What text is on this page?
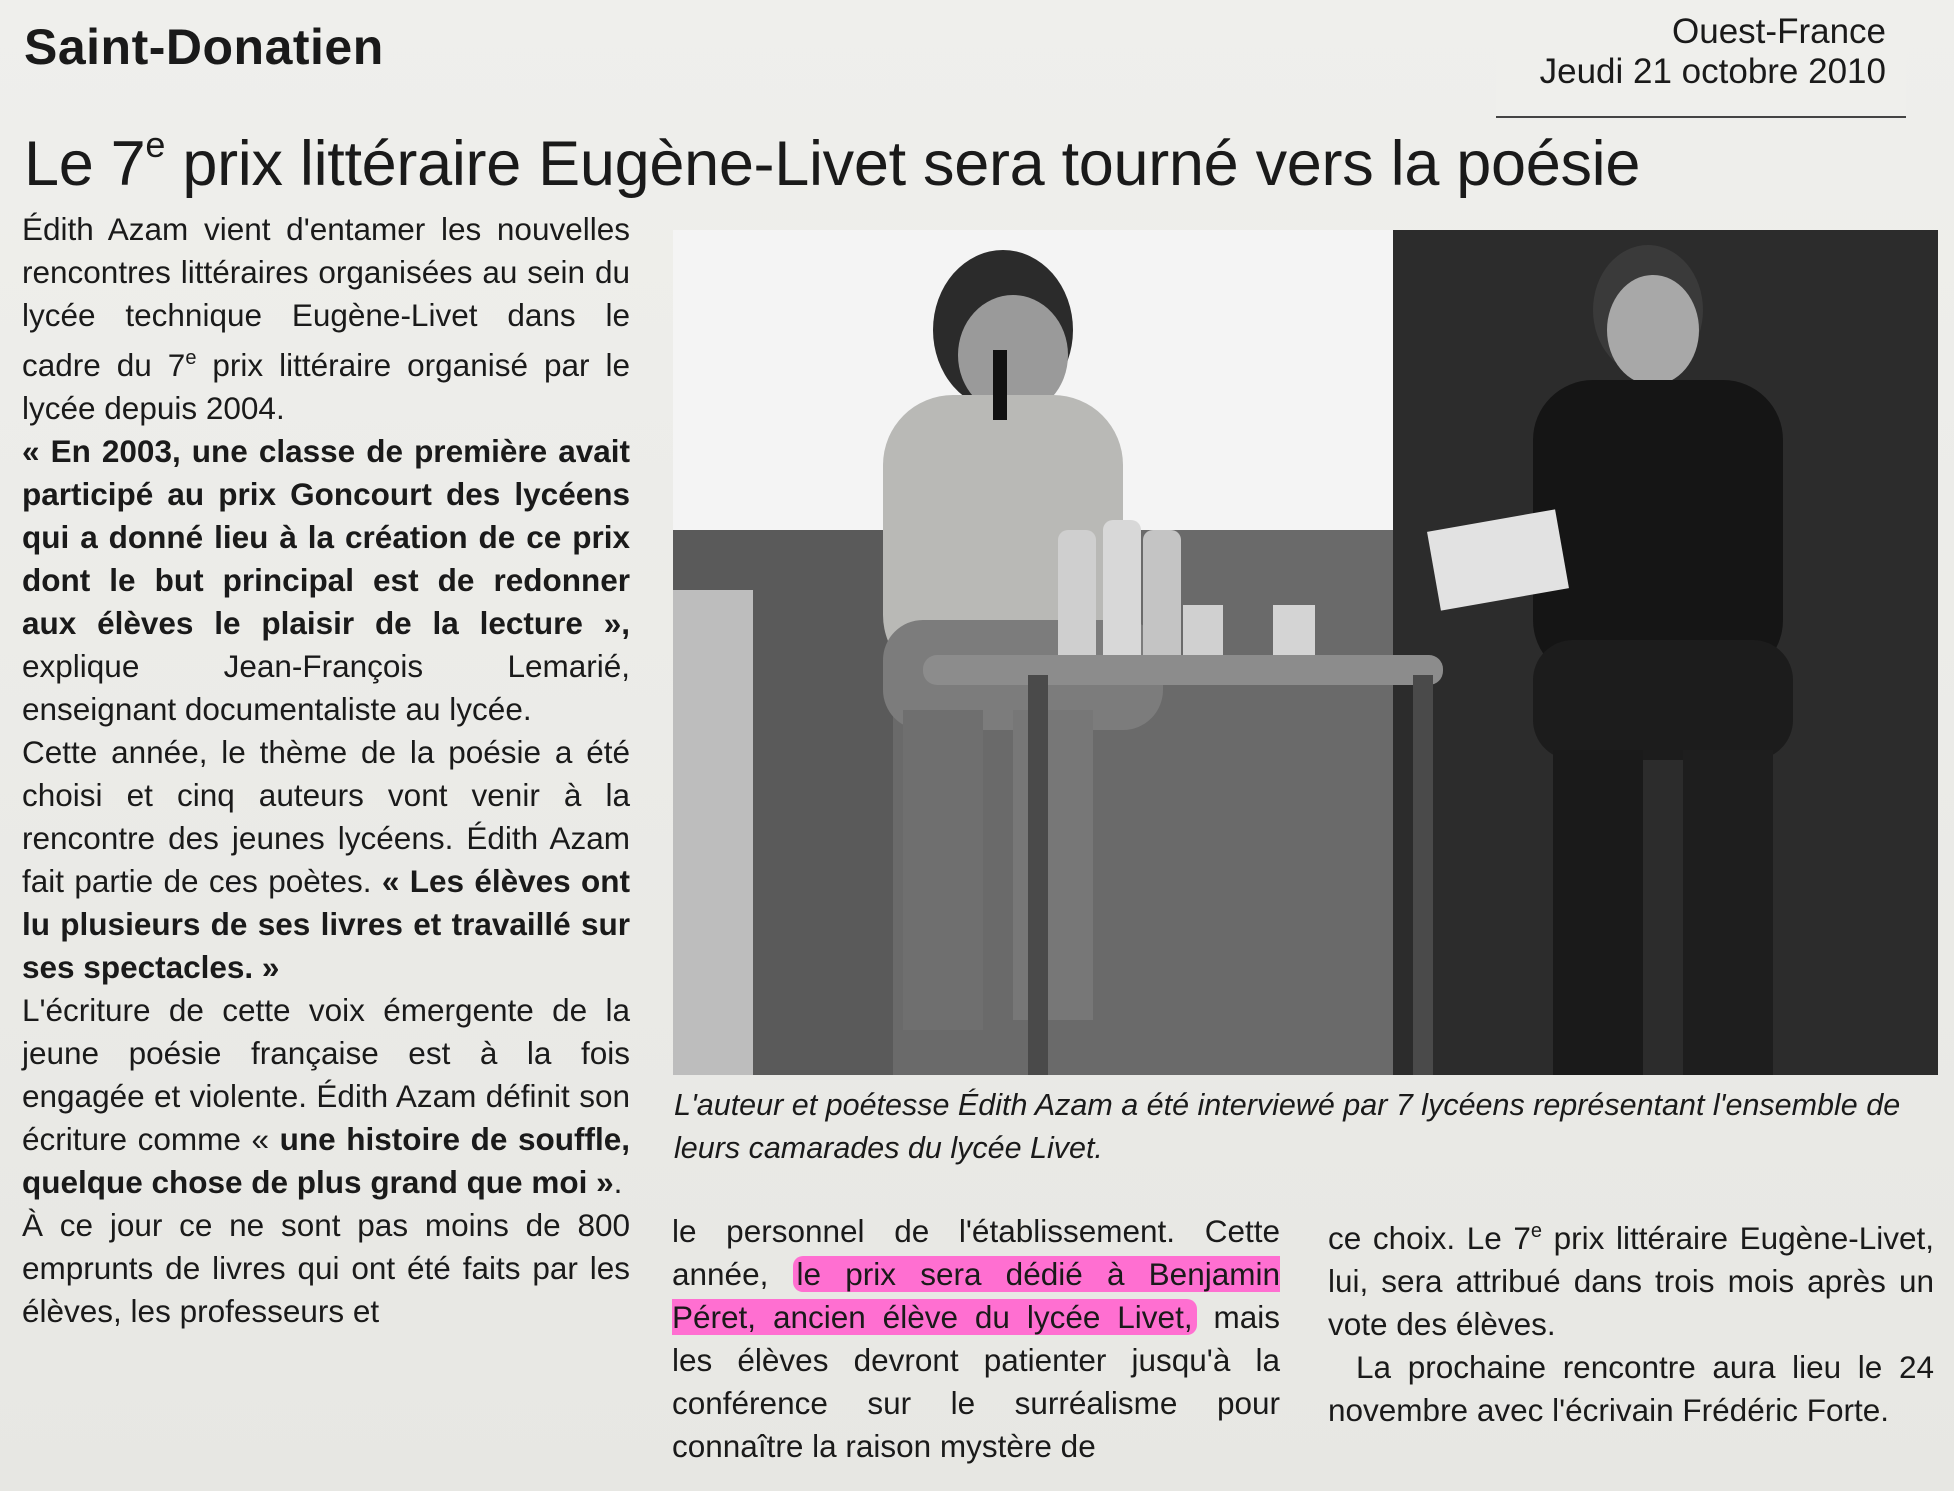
Saint-Donatien	Ouest-France
Jeudi 21 octobre 2010
Le 7e prix littéraire Eugène-Livet sera tourné vers la poésie

Édith Azam vient d'entamer les nouvelles rencontres littéraires organisées au sein du lycée technique Eugène-Livet dans le cadre du 7e prix littéraire organisé par le lycée depuis 2004.

« En 2003, une classe de première avait participé au prix Goncourt des lycéens qui a donné lieu à la création de ce prix dont le but principal est de redonner aux élèves le plaisir de la lecture », explique Jean-François Lemarié, enseignant documentaliste au lycée.

Cette année, le thème de la poésie a été choisi et cinq auteurs vont venir à la rencontre des jeunes lycéens. Édith Azam fait partie de ces poètes. « Les élèves ont lu plusieurs de ses livres et travaillé sur ses spectacles. »

L'écriture de cette voix émergente de la jeune poésie française est à la fois engagée et violente. Édith Azam définit son écriture comme « une histoire de souffle, quelque chose de plus grand que moi ».

À ce jour ce ne sont pas moins de 800 emprunts de livres qui ont été faits par les élèves, les professeurs et

L'auteur et poétesse Édith Azam a été interviewé par 7 lycéens représentant l'ensemble de leurs camarades du lycée Livet.

le personnel de l'établissement. Cette année, le prix sera dédié à Benjamin Péret, ancien élève du lycée Livet, mais les élèves devront patienter jusqu'à la conférence sur le surréalisme pour connaître la raison mystère de

ce choix. Le 7e prix littéraire Eugène-Livet, lui, sera attribué dans trois mois après un vote des élèves.

La prochaine rencontre aura lieu le 24 novembre avec l'écrivain Frédéric Forte.
